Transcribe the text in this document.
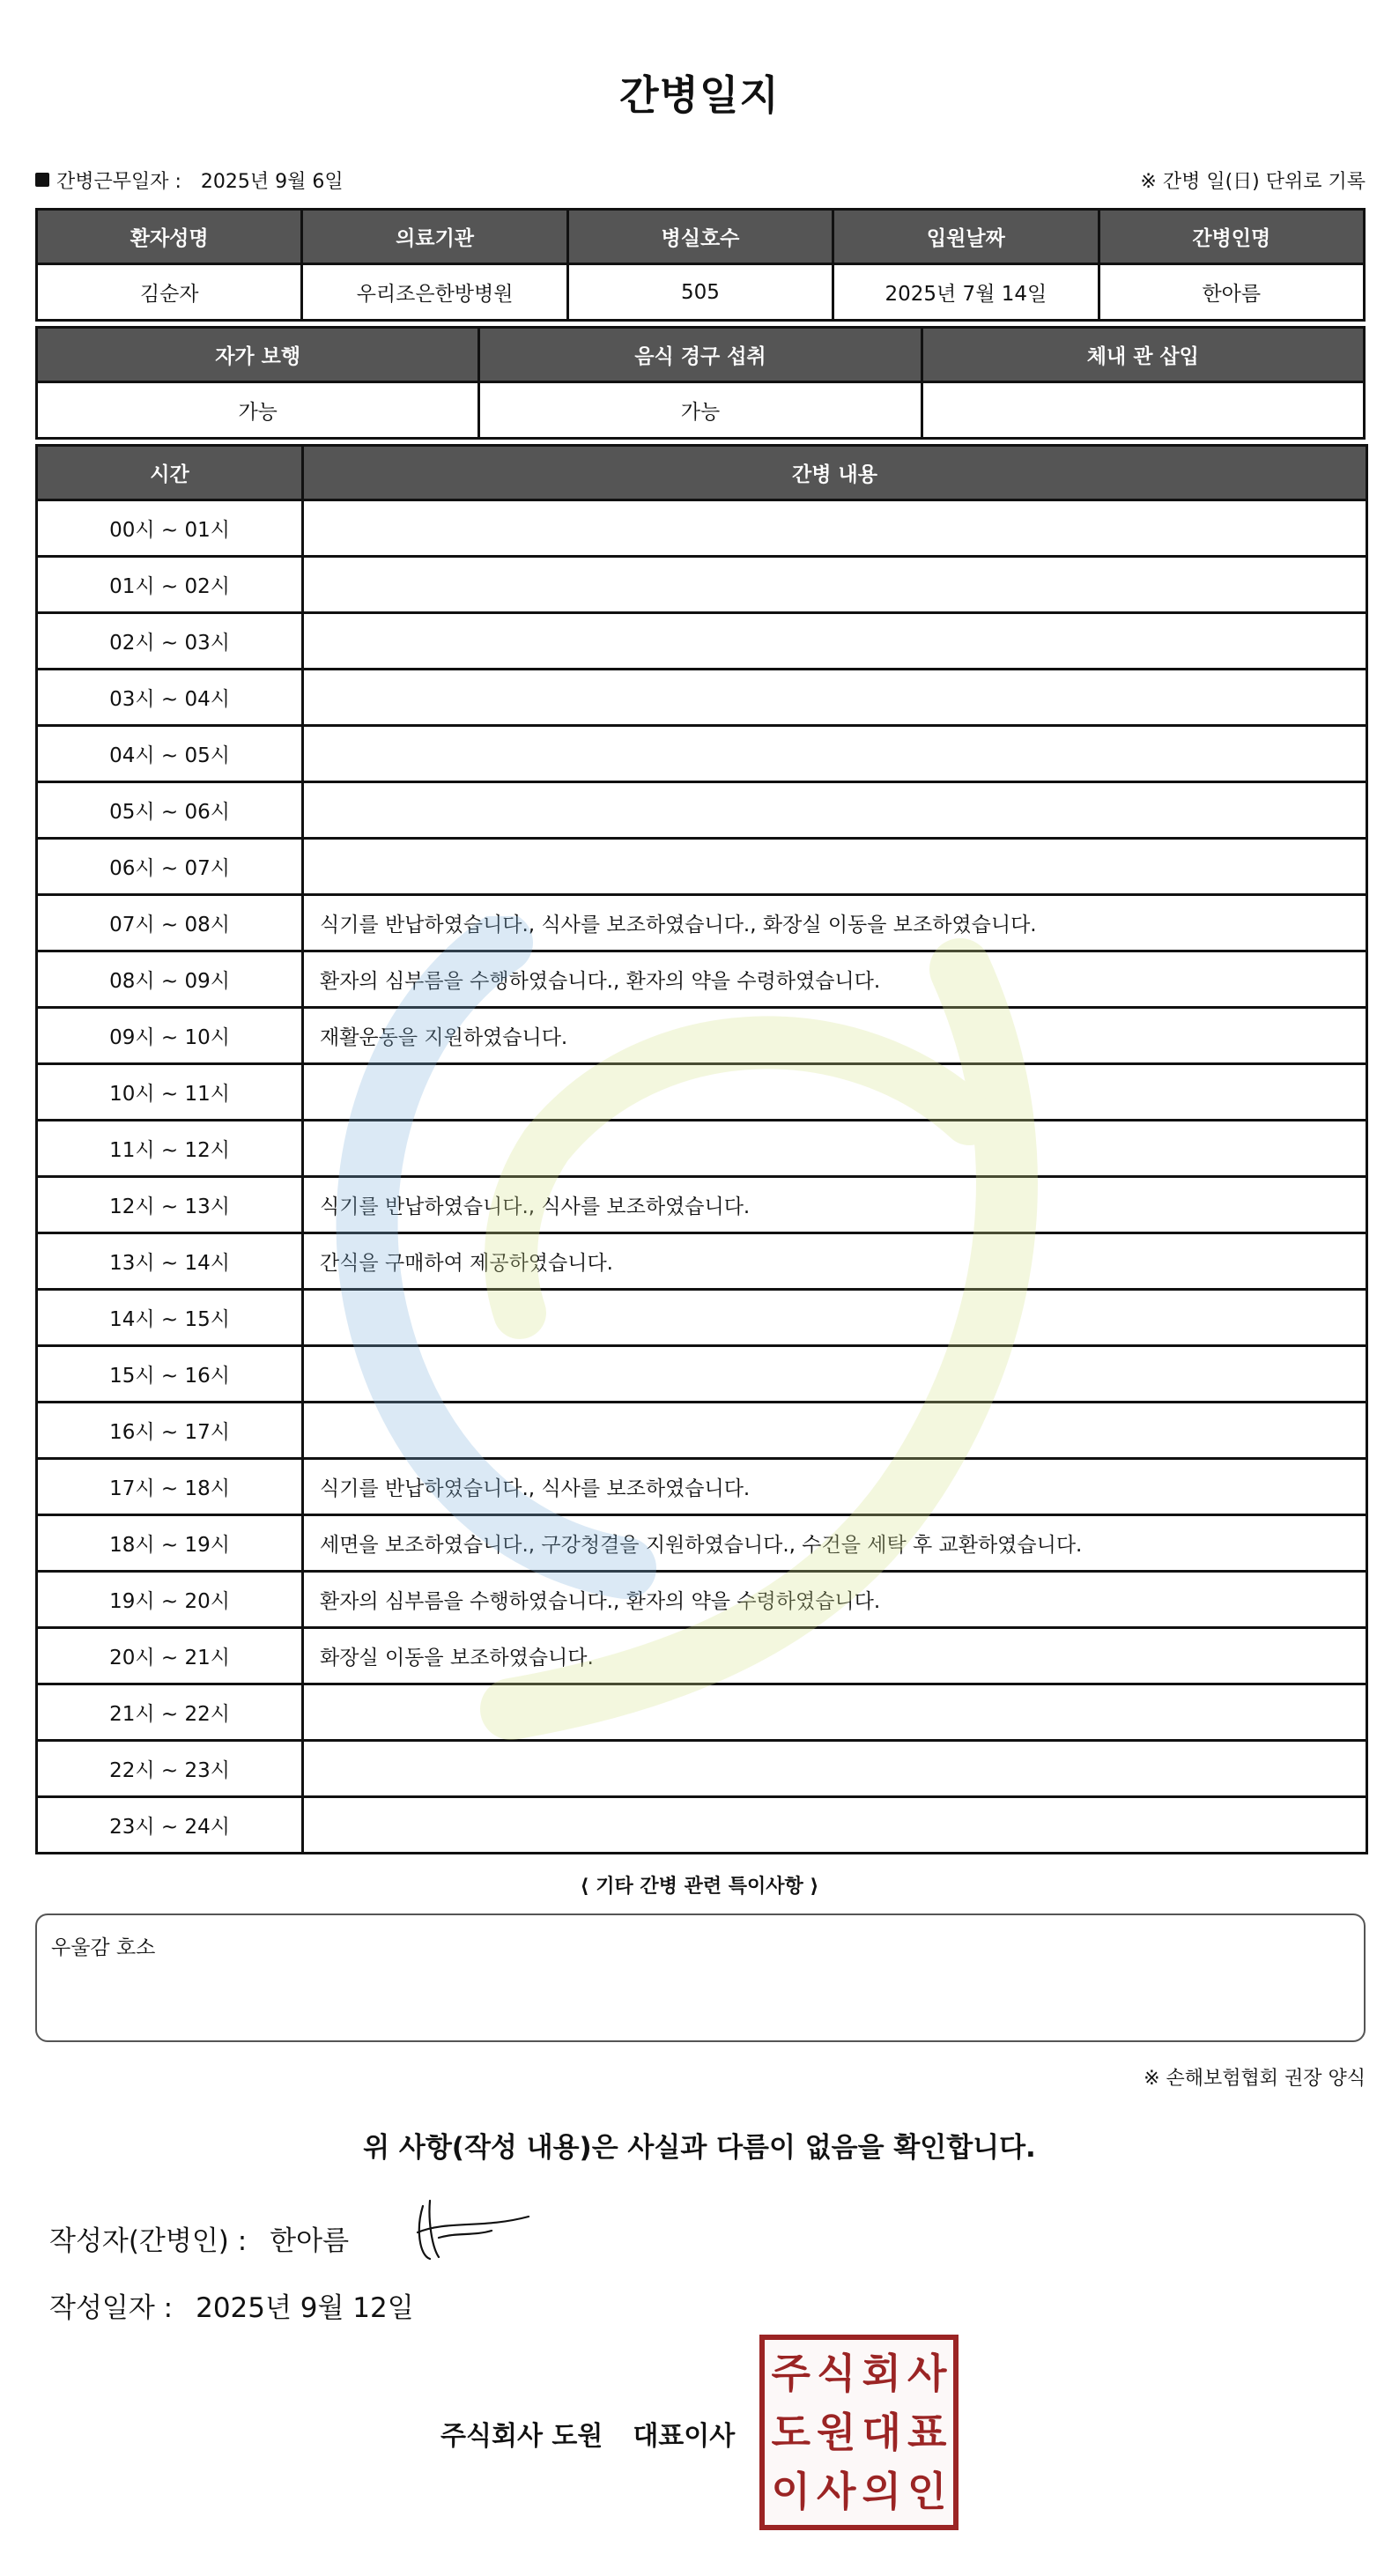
간병일지
간병근무일자 : 2025년 9월 6일	※ 간병 일(日) 단위로 기록
환자성명	의료기관	병실호수	입원날짜	간병인명
김순자	우리조은한방병원	505	2025년 7월 14일	한아름
자가 보행	음식 경구 섭취	체내 관 삽입
가능	가능	
시간	간병 내용
00시 ~ 01시	
01시 ~ 02시	
02시 ~ 03시	
03시 ~ 04시	
04시 ~ 05시	
05시 ~ 06시	
06시 ~ 07시	
07시 ~ 08시	식기를 반납하였습니다., 식사를 보조하였습니다., 화장실 이동을 보조하였습니다.
08시 ~ 09시	환자의 심부름을 수행하였습니다., 환자의 약을 수령하였습니다.
09시 ~ 10시	재활운동을 지원하였습니다.
10시 ~ 11시	
11시 ~ 12시	
12시 ~ 13시	식기를 반납하였습니다., 식사를 보조하였습니다.
13시 ~ 14시	간식을 구매하여 제공하였습니다.
14시 ~ 15시	
15시 ~ 16시	
16시 ~ 17시	
17시 ~ 18시	식기를 반납하였습니다., 식사를 보조하였습니다.
18시 ~ 19시	세면을 보조하였습니다., 구강청결을 지원하였습니다., 수건을 세탁 후 교환하였습니다.
19시 ~ 20시	환자의 심부름을 수행하였습니다., 환자의 약을 수령하였습니다.
20시 ~ 21시	화장실 이동을 보조하였습니다.
21시 ~ 22시	
22시 ~ 23시	
23시 ~ 24시	
⟨ 기타 간병 관련 특이사항 ⟩
우울감 호소
※ 손해보험협회 권장 양식
위 사항(작성 내용)은 사실과 다름이 없음을 확인합니다.
작성자(간병인) : 한아름
작성일자 : 2025년 9월 12일
주식회사 도원 대표이사
주 식 회 사
도 원 대 표
이 사 의 인
